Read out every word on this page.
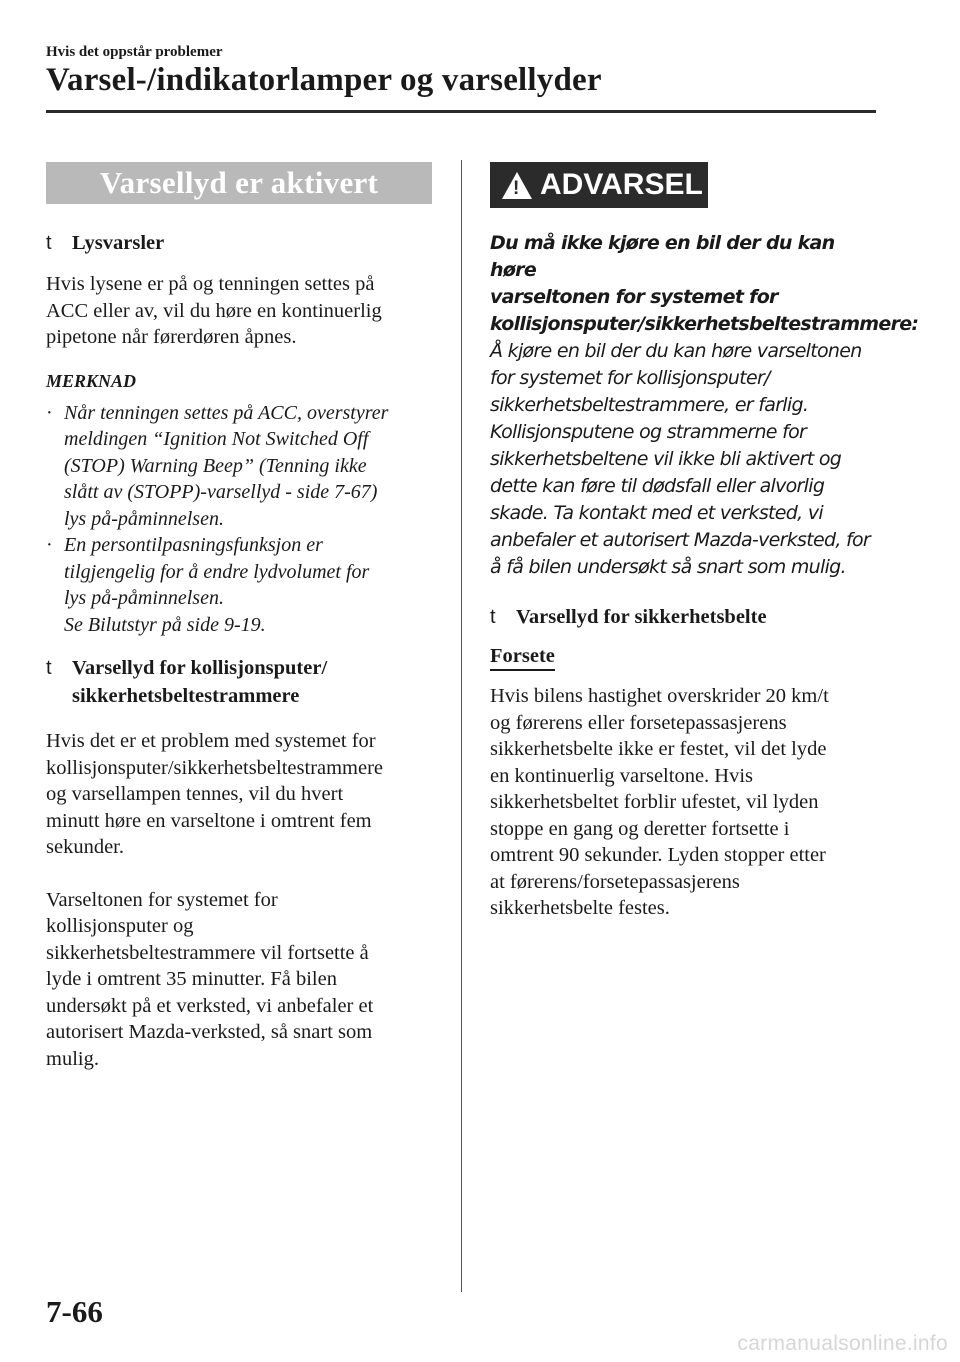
Hvis det oppstår problemer
Varsel-/indikatorlamper og varsellyder
Varsellyd er aktivert
t Lysvarsler
Hvis lysene er på og tenningen settes på
ACC eller av, vil du høre en kontinuerlig
pipetone når førerdøren åpnes.
MERKNAD
· Når tenningen settes på ACC, overstyrer
meldingen “Ignition Not Switched Off
(STOP) Warning Beep” (Tenning ikke
slått av (STOPP)-varsellyd - side 7-67)
lys på-påminnelsen.
· En persontilpasningsfunksjon er
tilgjengelig for å endre lydvolumet for
lys på-påminnelsen.
Se Bilutstyr på side 9-19.
t Varsellyd for kollisjonsputer/
sikkerhetsbeltestrammere
Hvis det er et problem med systemet for
kollisjonsputer/sikkerhetsbeltestrammere
og varsellampen tennes, vil du hvert
minutt høre en varseltone i omtrent fem
sekunder.
Varseltonen for systemet for
kollisjonsputer og
sikkerhetsbeltestrammere vil fortsette å
lyde i omtrent 35 minutter. Få bilen
undersøkt på et verksted, vi anbefaler et
autorisert Mazda-verksted, så snart som
mulig.
! ADVARSEL
Du må ikke kjøre en bil der du kan høre
varseltonen for systemet for
kollisjonsputer/sikkerhetsbeltestrammere:
Å kjøre en bil der du kan høre varseltonen
for systemet for kollisjonsputer/
sikkerhetsbeltestrammere, er farlig.
Kollisjonsputene og strammerne for
sikkerhetsbeltene vil ikke bli aktivert og
dette kan føre til dødsfall eller alvorlig
skade. Ta kontakt med et verksted, vi
anbefaler et autorisert Mazda-verksted, for
å få bilen undersøkt så snart som mulig.
t Varsellyd for sikkerhetsbelte
Forsete
Hvis bilens hastighet overskrider 20 km/t
og førerens eller forsetepassasjerens
sikkerhetsbelte ikke er festet, vil det lyde
en kontinuerlig varseltone. Hvis
sikkerhetsbeltet forblir ufestet, vil lyden
stoppe en gang og deretter fortsette i
omtrent 90 sekunder. Lyden stopper etter
at førerens/forsetepassasjerens
sikkerhetsbelte festes.
7-66
carmanualsonline.info
